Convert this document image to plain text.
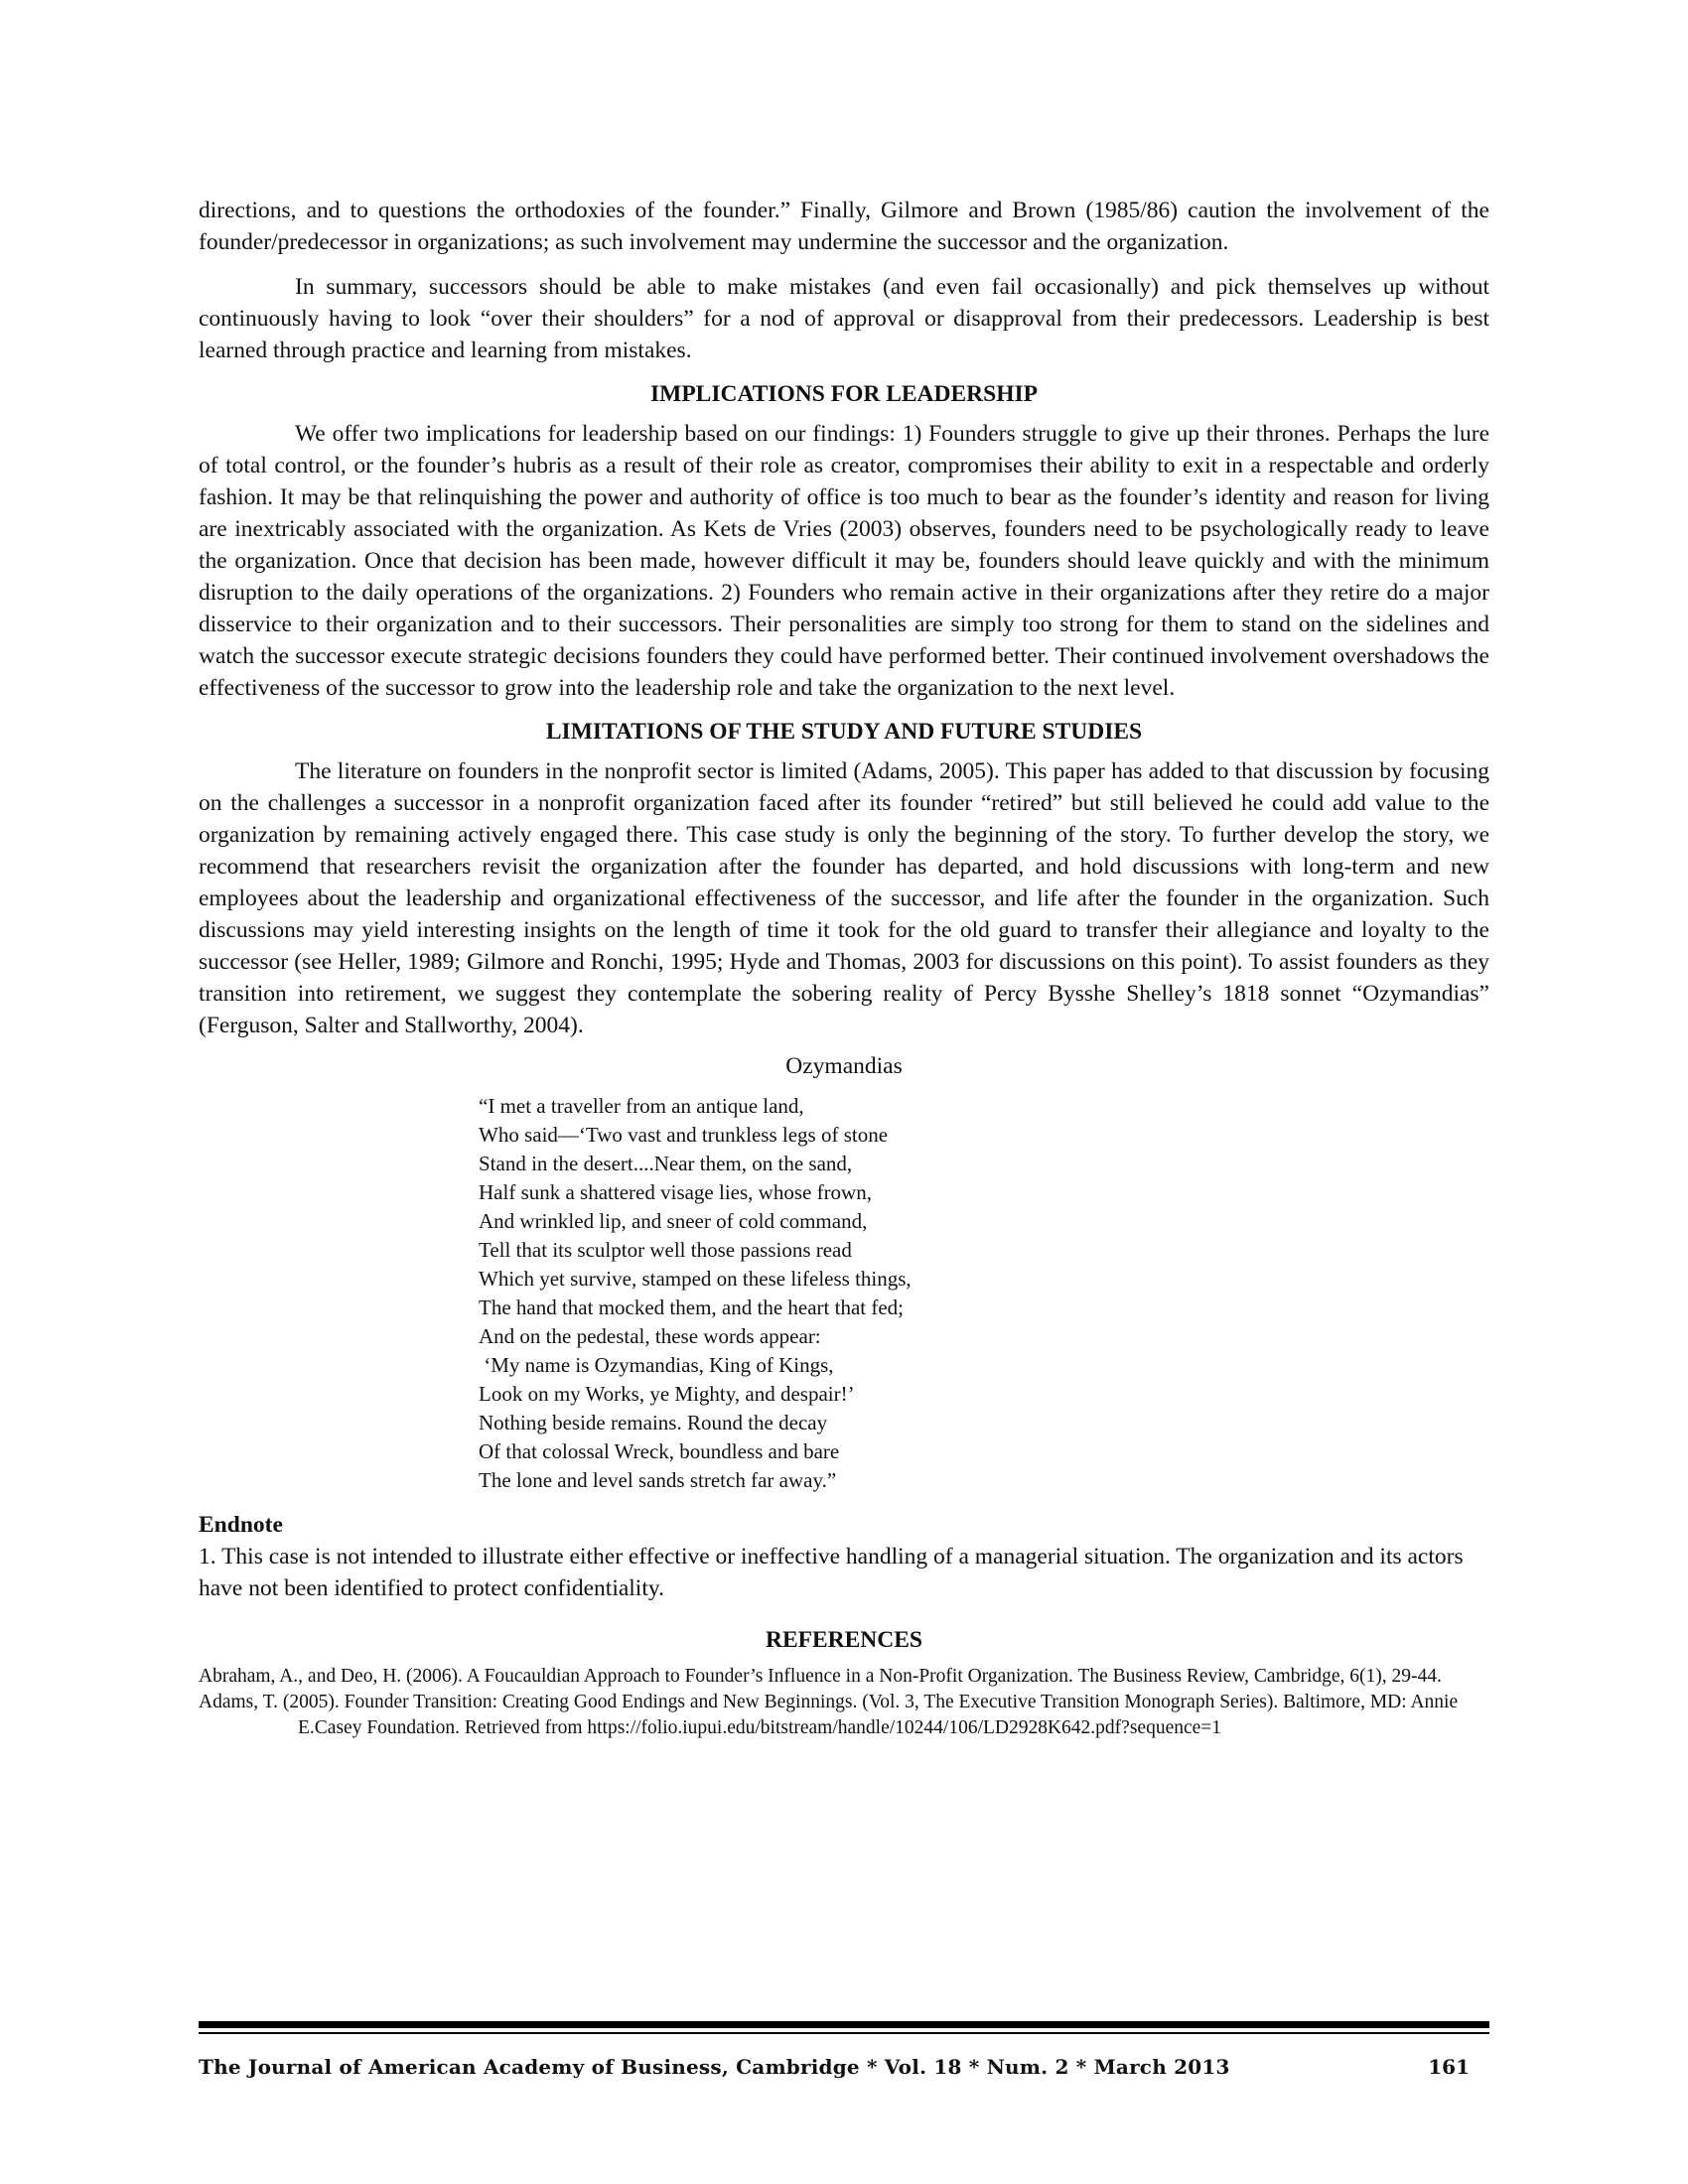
directions, and to questions the orthodoxies of the founder.” Finally, Gilmore and Brown (1985/86) caution the involvement of the founder/predecessor in organizations; as such involvement may undermine the successor and the organization.

In summary, successors should be able to make mistakes (and even fail occasionally) and pick themselves up without continuously having to look “over their shoulders” for a nod of approval or disapproval from their predecessors. Leadership is best learned through practice and learning from mistakes.

IMPLICATIONS FOR LEADERSHIP

We offer two implications for leadership based on our findings: 1) Founders struggle to give up their thrones. Perhaps the lure of total control, or the founder’s hubris as a result of their role as creator, compromises their ability to exit in a respectable and orderly fashion. It may be that relinquishing the power and authority of office is too much to bear as the founder’s identity and reason for living are inextricably associated with the organization. As Kets de Vries (2003) observes, founders need to be psychologically ready to leave the organization. Once that decision has been made, however difficult it may be, founders should leave quickly and with the minimum disruption to the daily operations of the organizations. 2) Founders who remain active in their organizations after they retire do a major disservice to their organization and to their successors. Their personalities are simply too strong for them to stand on the sidelines and watch the successor execute strategic decisions founders they could have performed better. Their continued involvement overshadows the effectiveness of the successor to grow into the leadership role and take the organization to the next level.

LIMITATIONS OF THE STUDY AND FUTURE STUDIES

The literature on founders in the nonprofit sector is limited (Adams, 2005). This paper has added to that discussion by focusing on the challenges a successor in a nonprofit organization faced after its founder “retired” but still believed he could add value to the organization by remaining actively engaged there. This case study is only the beginning of the story. To further develop the story, we recommend that researchers revisit the organization after the founder has departed, and hold discussions with long-term and new employees about the leadership and organizational effectiveness of the successor, and life after the founder in the organization. Such discussions may yield interesting insights on the length of time it took for the old guard to transfer their allegiance and loyalty to the successor (see Heller, 1989; Gilmore and Ronchi, 1995; Hyde and Thomas, 2003 for discussions on this point). To assist founders as they transition into retirement, we suggest they contemplate the sobering reality of Percy Bysshe Shelley’s 1818 sonnet “Ozymandias” (Ferguson, Salter and Stallworthy, 2004).

Ozymandias
“I met a traveller from an antique land,
Who said—‘Two vast and trunkless legs of stone
Stand in the desert....Near them, on the sand,
Half sunk a shattered visage lies, whose frown,
And wrinkled lip, and sneer of cold command,
Tell that its sculptor well those passions read
Which yet survive, stamped on these lifeless things,
The hand that mocked them, and the heart that fed;
And on the pedestal, these words appear:
‘My name is Ozymandias, King of Kings,
Look on my Works, ye Mighty, and despair!’
Nothing beside remains. Round the decay
Of that colossal Wreck, boundless and bare
The lone and level sands stretch far away.”
Endnote

1. This case is not intended to illustrate either effective or ineffective handling of a managerial situation. The organization and its actors have not been identified to protect confidentiality.

REFERENCES

Abraham, A., and Deo, H. (2006). A Foucauldian Approach to Founder’s Influence in a Non-Profit Organization. The Business Review, Cambridge, 6(1), 29-44.

Adams, T. (2005). Founder Transition: Creating Good Endings and New Beginnings. (Vol. 3, The Executive Transition Monograph Series). Baltimore, MD: Annie E.Casey Foundation. Retrieved from https://folio.iupui.edu/bitstream/handle/10244/106/LD2928K642.pdf?sequence=1

The Journal of American Academy of Business, Cambridge * Vol. 18 * Num. 2 * March 2013	161
